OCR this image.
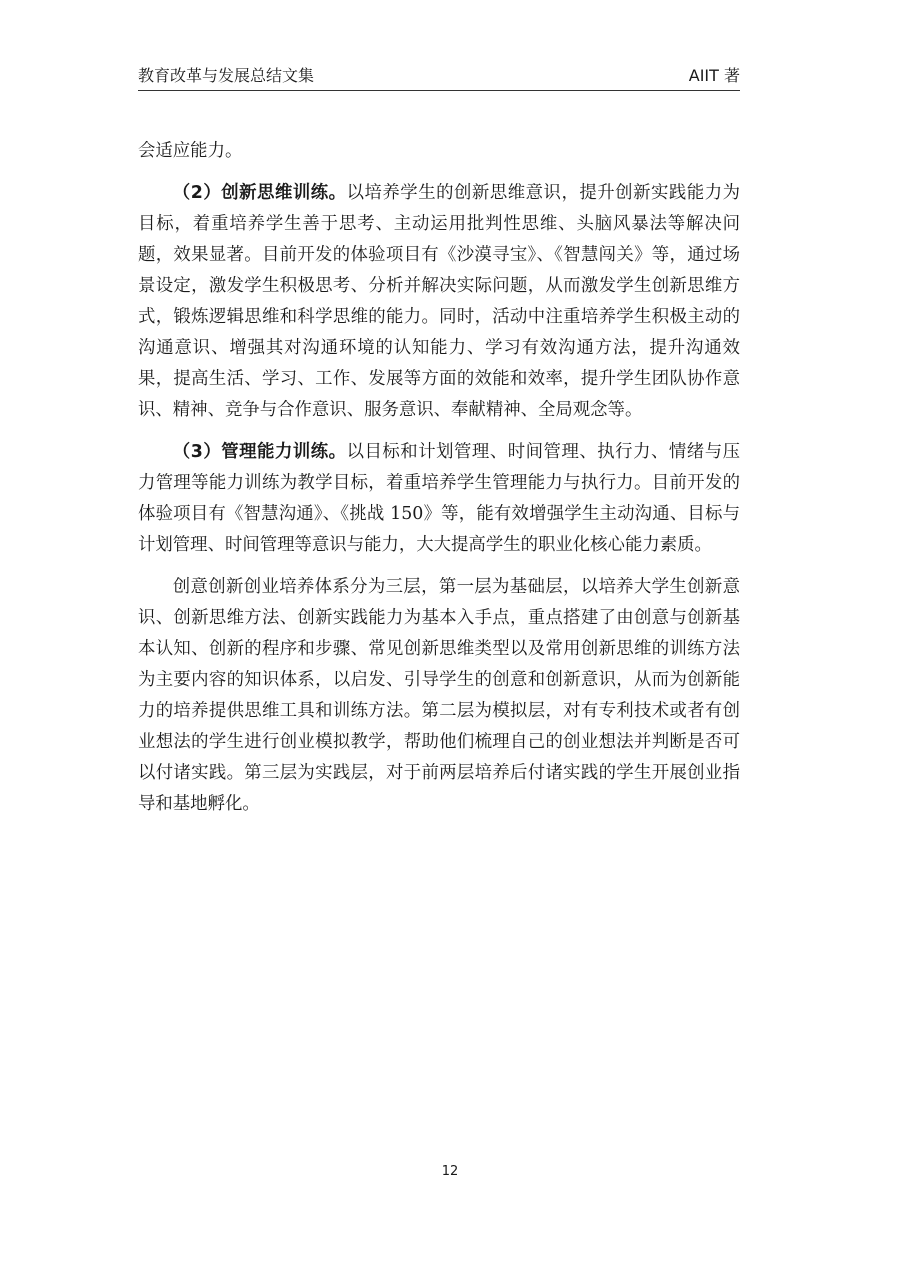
教育改革与发展总结文集	AIIT 著

会适应能力。

（2）创新思维训练。以培养学生的创新思维意识，提升创新实践能力为目标，着重培养学生善于思考、主动运用批判性思维、头脑风暴法等解决问题，效果显著。目前开发的体验项目有《沙漠寻宝》、《智慧闯关》等，通过场景设定，激发学生积极思考、分析并解决实际问题，从而激发学生创新思维方式，锻炼逻辑思维和科学思维的能力。同时，活动中注重培养学生积极主动的沟通意识、增强其对沟通环境的认知能力、学习有效沟通方法，提升沟通效果，提高生活、学习、工作、发展等方面的效能和效率，提升学生团队协作意识、精神、竞争与合作意识、服务意识、奉献精神、全局观念等。

（3）管理能力训练。以目标和计划管理、时间管理、执行力、情绪与压力管理等能力训练为教学目标，着重培养学生管理能力与执行力。目前开发的体验项目有《智慧沟通》、《挑战 150》等，能有效增强学生主动沟通、目标与计划管理、时间管理等意识与能力，大大提高学生的职业化核心能力素质。

创意创新创业培养体系分为三层，第一层为基础层，以培养大学生创新意识、创新思维方法、创新实践能力为基本入手点，重点搭建了由创意与创新基本认知、创新的程序和步骤、常见创新思维类型以及常用创新思维的训练方法为主要内容的知识体系，以启发、引导学生的创意和创新意识，从而为创新能力的培养提供思维工具和训练方法。第二层为模拟层，对有专利技术或者有创业想法的学生进行创业模拟教学，帮助他们梳理自己的创业想法并判断是否可以付诸实践。第三层为实践层，对于前两层培养后付诸实践的学生开展创业指导和基地孵化。

12
